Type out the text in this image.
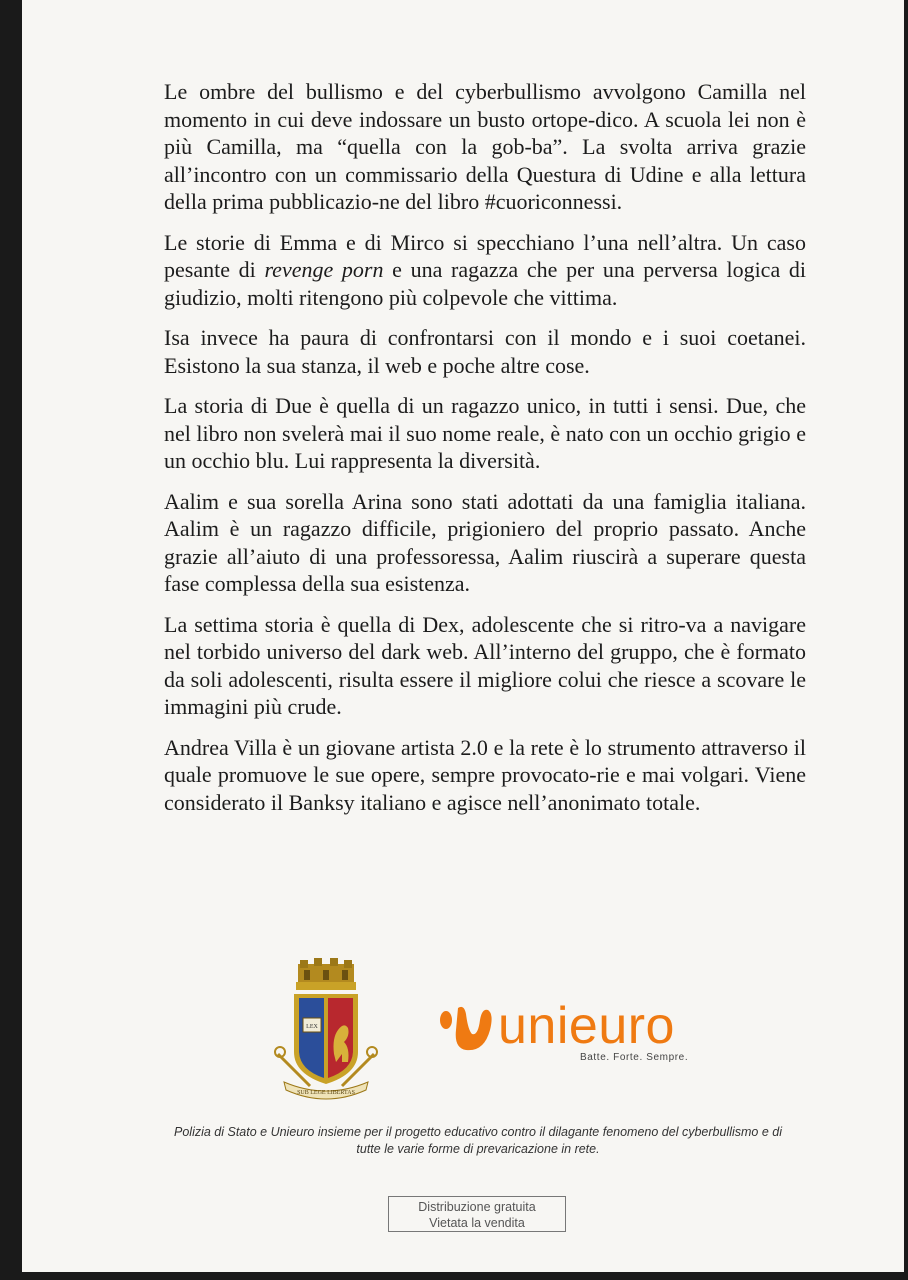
Le ombre del bullismo e del cyberbullismo avvolgono Camilla nel momento in cui deve indossare un busto ortope-dico. A scuola lei non è più Camilla, ma “quella con la gob-ba”. La svolta arriva grazie all’incontro con un commissario della Questura di Udine e alla lettura della prima pubblicazio-ne del libro #cuoriconnessi.

Le storie di Emma e di Mirco si specchiano l’una nell’altra. Un caso pesante di revenge porn e una ragazza che per una perversa logica di giudizio, molti ritengono più colpevole che vittima.

Isa invece ha paura di confrontarsi con il mondo e i suoi coetanei. Esistono la sua stanza, il web e poche altre cose.

La storia di Due è quella di un ragazzo unico, in tutti i sensi. Due, che nel libro non svelerà mai il suo nome reale, è nato con un occhio grigio e un occhio blu. Lui rappresenta la diversità.

Aalim e sua sorella Arina sono stati adottati da una famiglia italiana. Aalim è un ragazzo difficile, prigioniero del proprio passato. Anche grazie all’aiuto di una professoressa, Aalim riuscirà a superare questa fase complessa della sua esistenza.

La settima storia è quella di Dex, adolescente che si ritro-va a navigare nel torbido universo del dark web. All’interno del gruppo, che è formato da soli adolescenti, risulta essere il migliore colui che riesce a scovare le immagini più crude.

Andrea Villa è un giovane artista 2.0 e la rete è lo strumento attraverso il quale promuove le sue opere, sempre provocato-rie e mai volgari. Viene considerato il Banksy italiano e agisce nell’anonimato totale.

LEX
SUB LEGE LIBERTAS
unieuro
Batte. Forte. Sempre.
Polizia di Stato e Unieuro insieme per il progetto educativo contro il dilagante fenomeno del cyberbullismo e di tutte le varie forme di prevaricazione in rete.
Distribuzione gratuita
Vietata la vendita
